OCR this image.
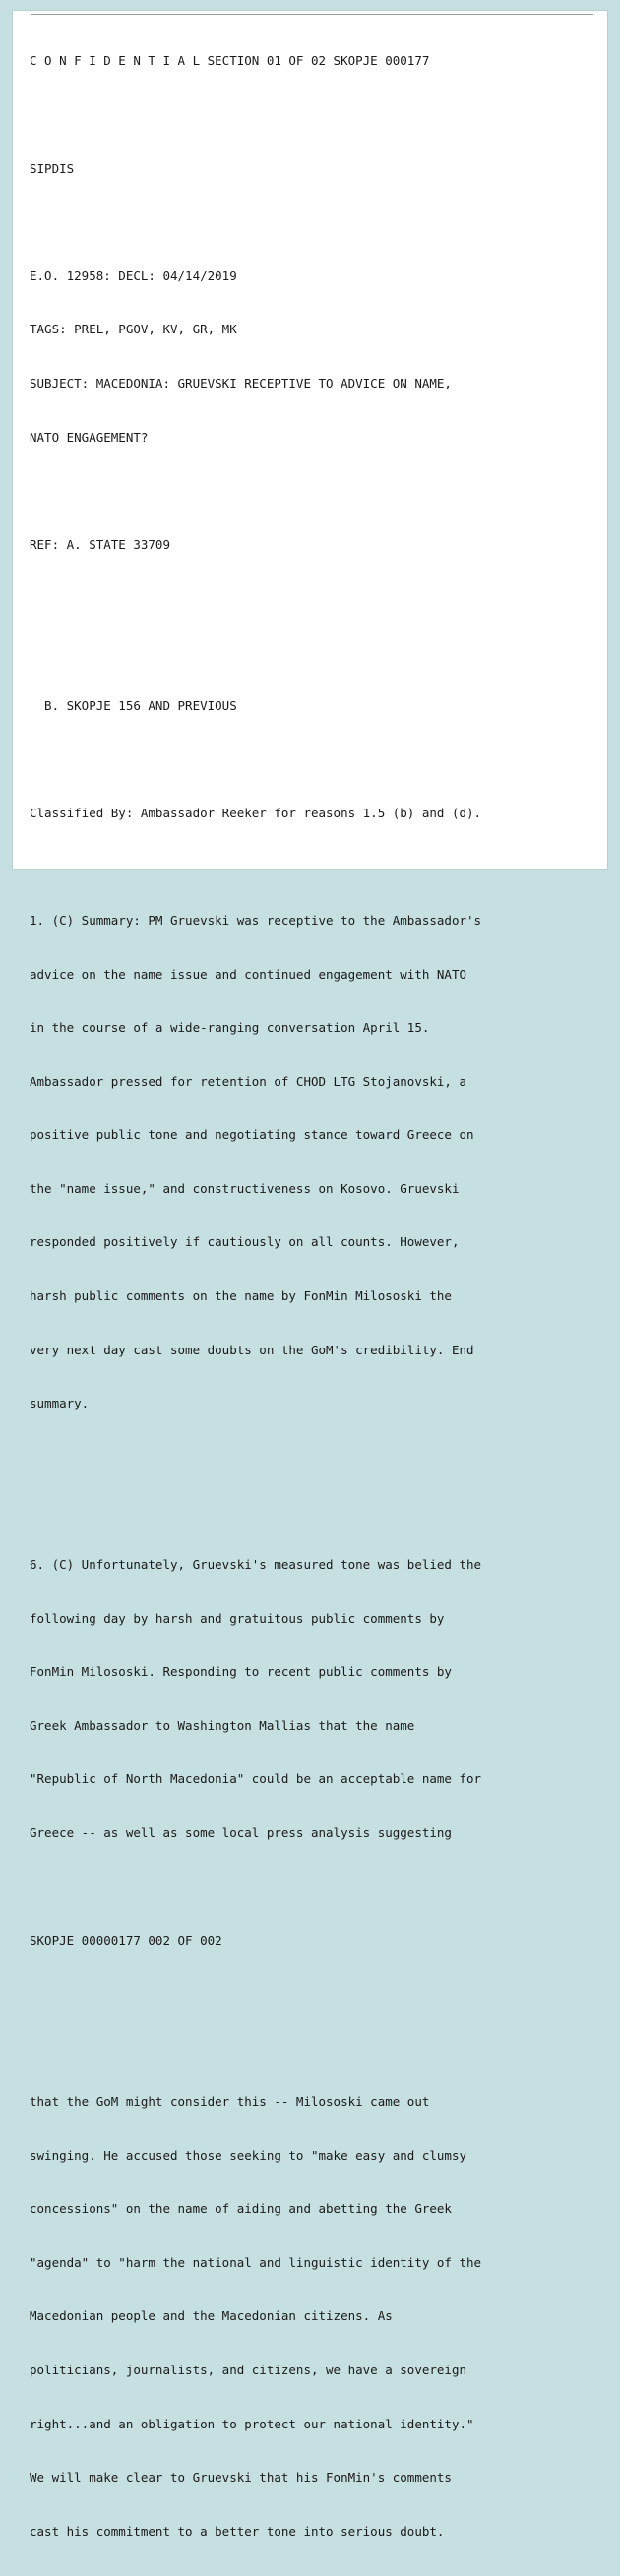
C O N F I D E N T I A L SECTION 01 OF 02 SKOPJE 000177

SIPDIS

E.O. 12958: DECL: 04/14/2019

TAGS: PREL, PGOV, KV, GR, MK

SUBJECT: MACEDONIA: GRUEVSKI RECEPTIVE TO ADVICE ON NAME,

NATO ENGAGEMENT?

REF: A. STATE 33709

B. SKOPJE 156 AND PREVIOUS

Classified By: Ambassador Reeker for reasons 1.5 (b) and (d).

1. (C) Summary: PM Gruevski was receptive to the Ambassador's

advice on the name issue and continued engagement with NATO

in the course of a wide-ranging conversation April 15.

Ambassador pressed for retention of CHOD LTG Stojanovski, a

positive public tone and negotiating stance toward Greece on

the "name issue," and constructiveness on Kosovo. Gruevski

responded positively if cautiously on all counts. However,

harsh public comments on the name by FonMin Milososki the

very next day cast some doubts on the GoM's credibility. End

summary.

6. (C) Unfortunately, Gruevski's measured tone was belied the

following day by harsh and gratuitous public comments by

FonMin Milososki. Responding to recent public comments by

Greek Ambassador to Washington Mallias that the name

"Republic of North Macedonia" could be an acceptable name for

Greece -- as well as some local press analysis suggesting

SKOPJE 00000177 002 OF 002

that the GoM might consider this -- Milososki came out

swinging. He accused those seeking to "make easy and clumsy

concessions" on the name of aiding and abetting the Greek

"agenda" to "harm the national and linguistic identity of the

Macedonian people and the Macedonian citizens. As

politicians, journalists, and citizens, we have a sovereign

right...and an obligation to protect our national identity."

We will make clear to Gruevski that his FonMin's comments

cast his commitment to a better tone into serious doubt.
